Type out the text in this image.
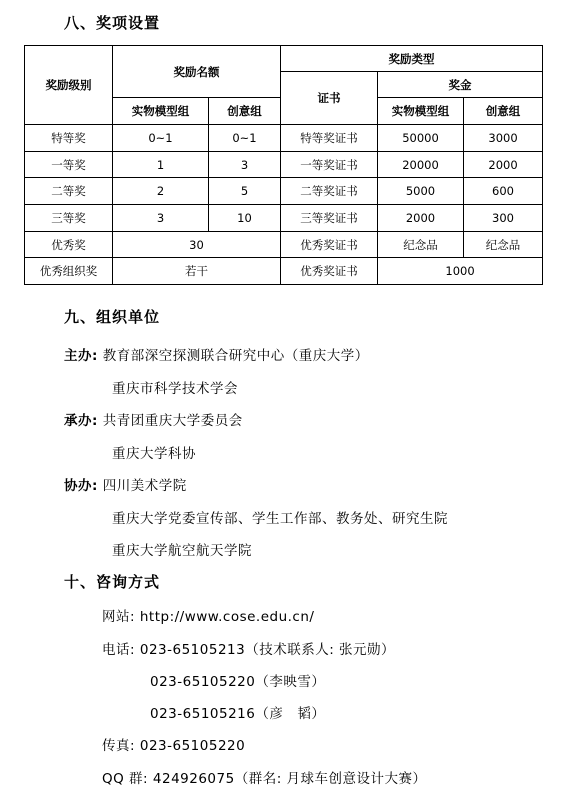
八、奖项设置
奖励级别	奖励名额		奖励类型		
			证书	奖金	
	实物模型组	创意组		实物模型组	创意组
特等奖	0~1	0~1	特等奖证书	50000	3000
一等奖	1	3	一等奖证书	20000	2000
二等奖	2	5	二等奖证书	5000	600
三等奖	3	10	三等奖证书	2000	300
优秀奖	30		优秀奖证书	纪念品	纪念品
优秀组织奖	若干		优秀奖证书	1000	
九、组织单位
主办: 教育部深空探测联合研究中心（重庆大学）
重庆市科学技术学会
承办: 共青团重庆大学委员会
重庆大学科协
协办: 四川美术学院
重庆大学党委宣传部、学生工作部、教务处、研究生院
重庆大学航空航天学院
十、咨询方式
网站: http://www.cose.edu.cn/
电话: 023-65105213（技术联系人: 张元勋）
023-65105220（李映雪）
023-65105216（彦　韬）
传真: 023-65105220
QQ 群: 424926075（群名: 月球车创意设计大赛）
